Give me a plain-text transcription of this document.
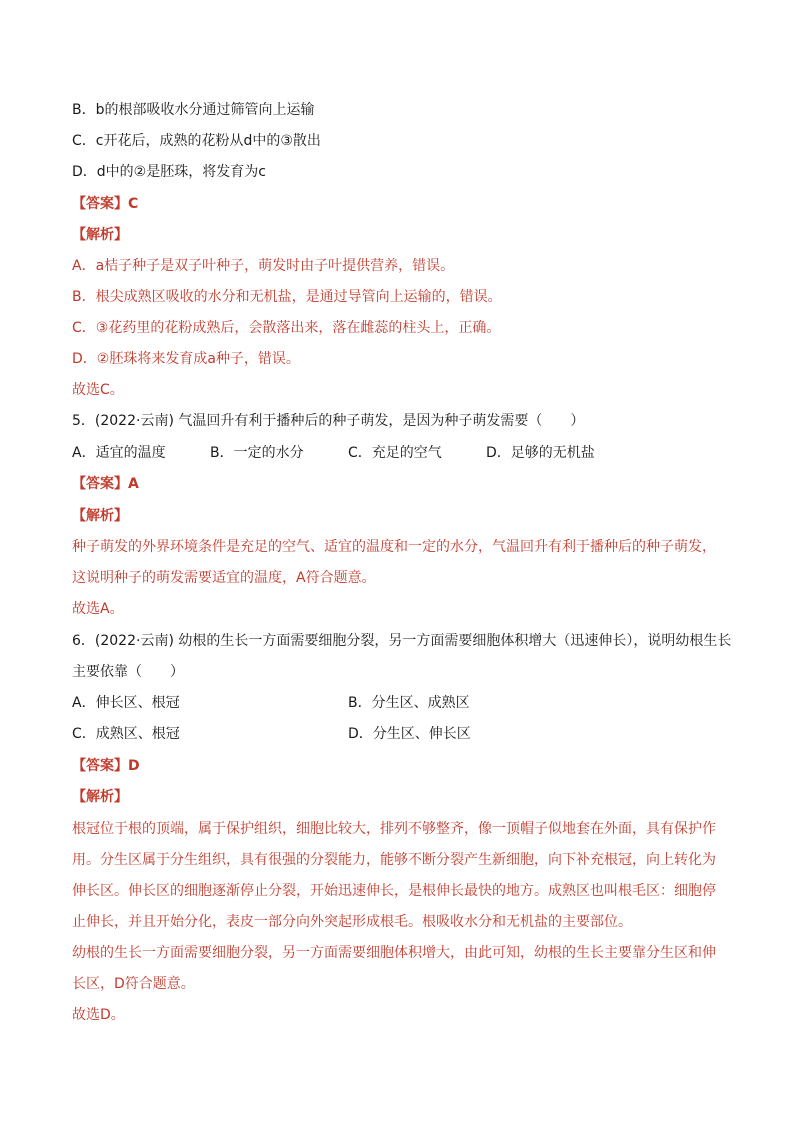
B．b的根部吸收水分通过筛管向上运输
C．c开花后，成熟的花粉从d中的③散出
D．d中的②是胚珠，将发育为c
【答案】C
【解析】
A．a桔子种子是双子叶种子，萌发时由子叶提供营养，错误。
B．根尖成熟区吸收的水分和无机盐，是通过导管向上运输的，错误。
C．③花药里的花粉成熟后，会散落出来，落在雌蕊的柱头上，正确。
D．②胚珠将来发育成a种子，错误。
故选C。
5．(2022·云南) 气温回升有利于播种后的种子萌发，是因为种子萌发需要（　　）
A．适宜的温度	B．一定的水分	C．充足的空气	D．足够的无机盐
【答案】A
【解析】
种子萌发的外界环境条件是充足的空气、适宜的温度和一定的水分，气温回升有利于播种后的种子萌发，
这说明种子的萌发需要适宜的温度，A符合题意。
故选A。
6．(2022·云南) 幼根的生长一方面需要细胞分裂，另一方面需要细胞体积增大（迅速伸长），说明幼根生长
主要依靠（　　）
A．伸长区、根冠	B．分生区、成熟区
C．成熟区、根冠	D．分生区、伸长区
【答案】D
【解析】
根冠位于根的顶端，属于保护组织，细胞比较大，排列不够整齐，像一顶帽子似地套在外面，具有保护作
用。分生区属于分生组织，具有很强的分裂能力，能够不断分裂产生新细胞，向下补充根冠，向上转化为
伸长区。伸长区的细胞逐渐停止分裂，开始迅速伸长，是根伸长最快的地方。成熟区也叫根毛区：细胞停
止伸长，并且开始分化，表皮一部分向外突起形成根毛。根吸收水分和无机盐的主要部位。
幼根的生长一方面需要细胞分裂，另一方面需要细胞体积增大，由此可知，幼根的生长主要靠分生区和伸
长区，D符合题意。
故选D。
